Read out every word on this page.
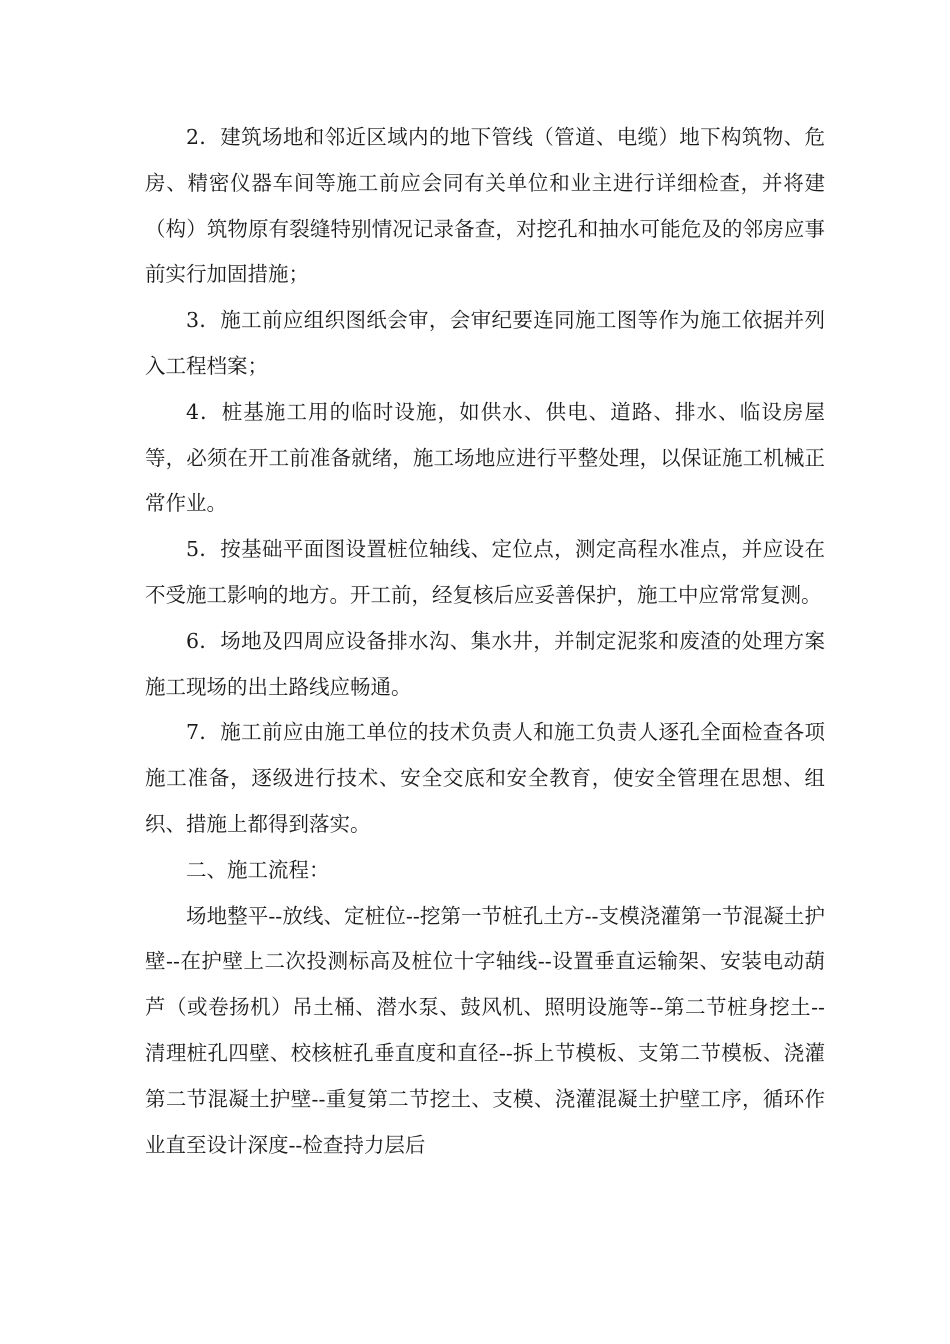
2．建筑场地和邻近区域内的地下管线（管道、电缆）地下构筑物、危房、精密仪器车间等施工前应会同有关单位和业主进行详细检查，并将建（构）筑物原有裂缝特别情况记录备查，对挖孔和抽水可能危及的邻房应事前实行加固措施；

3．施工前应组织图纸会审，会审纪要连同施工图等作为施工依据并列入工程档案；

4．桩基施工用的临时设施，如供水、供电、道路、排水、临设房屋等，必须在开工前准备就绪，施工场地应进行平整处理，以保证施工机械正常作业。

5．按基础平面图设置桩位轴线、定位点，测定高程水准点，并应设在不受施工影响的地方。开工前，经复核后应妥善保护，施工中应常常复测。

6．场地及四周应设备排水沟、集水井，并制定泥浆和废渣的处理方案施工现场的出土路线应畅通。

7．施工前应由施工单位的技术负责人和施工负责人逐孔全面检查各项施工准备，逐级进行技术、安全交底和安全教育，使安全管理在思想、组织、措施上都得到落实。

二、施工流程：

场地整平--放线、定桩位--挖第一节桩孔土方--支模浇灌第一节混凝土护壁--在护壁上二次投测标高及桩位十字轴线--设置垂直运输架、安装电动葫芦（或卷扬机）吊土桶、潜水泵、鼓风机、照明设施等--第二节桩身挖土--清理桩孔四壁、校核桩孔垂直度和直径--拆上节模板、支第二节模板、浇灌第二节混凝土护壁--重复第二节挖土、支模、浇灌混凝土护壁工序，循环作业直至设计深度--检查持力层后
